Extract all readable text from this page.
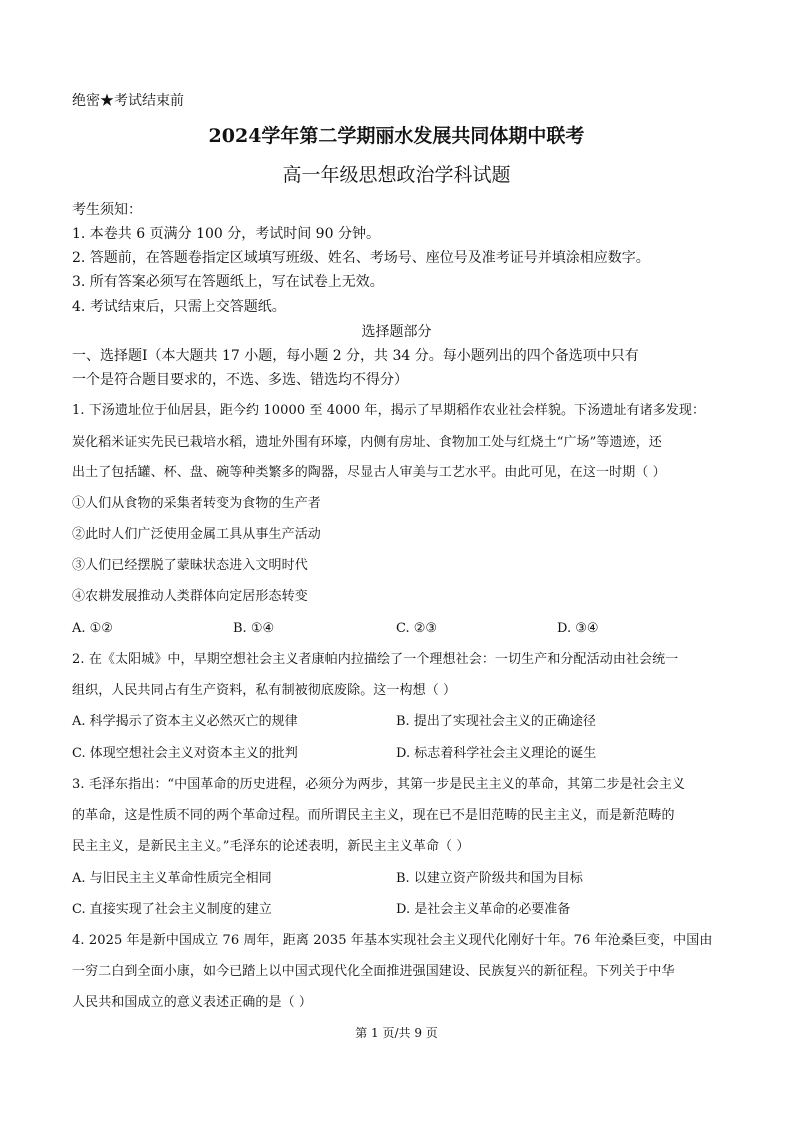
绝密★考试结束前
2024学年第二学期丽水发展共同体期中联考
高一年级思想政治学科试题
考生须知：
1. 本卷共 6 页满分 100 分，考试时间 90 分钟。
2. 答题前，在答题卷指定区域填写班级、姓名、考场号、座位号及准考证号并填涂相应数字。
3. 所有答案必须写在答题纸上，写在试卷上无效。
4. 考试结束后，只需上交答题纸。
选择题部分
一、选择题Ⅰ（本大题共 17 小题，每小题 2 分，共 34 分。每小题列出的四个备选项中只有
一个是符合题目要求的，不选、多选、错选均不得分）
1. 下汤遗址位于仙居县，距今约 10000 至 4000 年，揭示了早期稻作农业社会样貌。下汤遗址有诸多发现：
炭化稻米证实先民已栽培水稻，遗址外围有环壕，内侧有房址、食物加工处与红烧土“广场”等遗迹，还
出土了包括罐、杯、盘、碗等种类繁多的陶器，尽显古人审美与工艺水平。由此可见，在这一时期（ ）
①人们从食物的采集者转变为食物的生产者
②此时人们广泛使用金属工具从事生产活动
③人们已经摆脱了蒙昧状态进入文明时代
④农耕发展推动人类群体向定居形态转变
A. ①②	B. ①④	C. ②③	D. ③④
2. 在《太阳城》中，早期空想社会主义者康帕内拉描绘了一个理想社会：一切生产和分配活动由社会统一
组织，人民共同占有生产资料，私有制被彻底废除。这一构想（ ）
A. 科学揭示了资本主义必然灭亡的规律	B. 提出了实现社会主义的正确途径
C. 体现空想社会主义对资本主义的批判	D. 标志着科学社会主义理论的诞生
3. 毛泽东指出：“中国革命的历史进程，必须分为两步，其第一步是民主主义的革命，其第二步是社会主义
的革命，这是性质不同的两个革命过程。而所谓民主主义，现在已不是旧范畴的民主主义，而是新范畴的
民主主义，是新民主主义。”毛泽东的论述表明，新民主主义革命（ ）
A. 与旧民主主义革命性质完全相同	B. 以建立资产阶级共和国为目标
C. 直接实现了社会主义制度的建立	D. 是社会主义革命的必要准备
4. 2025 年是新中国成立 76 周年，距离 2035 年基本实现社会主义现代化刚好十年。76 年沧桑巨变，中国由
一穷二白到全面小康，如今已踏上以中国式现代化全面推进强国建设、民族复兴的新征程。下列关于中华
人民共和国成立的意义表述正确的是（ ）
第 1 页/共 9 页
